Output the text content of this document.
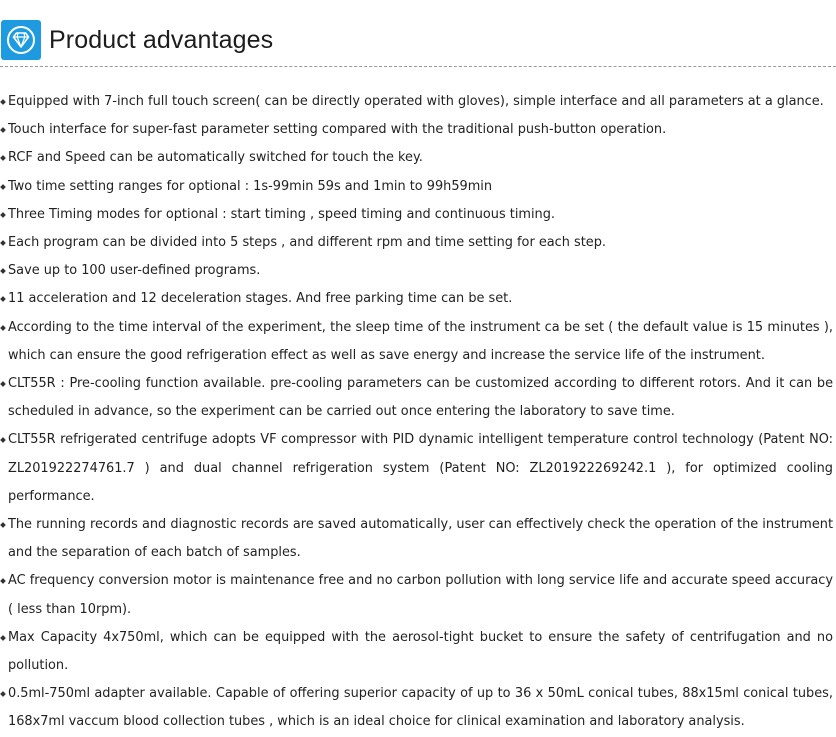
Product advantages
Equipped with 7-inch full touch screen( can be directly operated with gloves), simple interface and all parameters at a glance.
Touch interface for super-fast parameter setting compared with the traditional push-button operation.
RCF and Speed can be automatically switched for touch the key.
Two time setting ranges for optional : 1s-99min 59s and 1min to 99h59min
Three Timing modes for optional : start timing , speed timing and continuous timing.
Each program can be divided into 5 steps , and different rpm and time setting for each step.
Save up to 100 user-defined programs.
11 acceleration and 12 deceleration stages. And free parking time can be set.
According to the time interval of the experiment, the sleep time of the instrument ca be set ( the default value is 15 minutes ), which can ensure the good refrigeration effect as well as save energy and increase the service life of the instrument.
CLT55R : Pre-cooling function available. pre-cooling parameters can be customized according to different rotors. And it can be scheduled in advance, so the experiment can be carried out once entering the laboratory to save time.
CLT55R refrigerated centrifuge adopts VF compressor with PID dynamic intelligent temperature control technology (Patent NO: ZL201922274761.7 ) and dual channel refrigeration system (Patent NO: ZL201922269242.1 ), for optimized cooling performance.
The running records and diagnostic records are saved automatically, user can effectively check the operation of the instrument and the separation of each batch of samples.
AC frequency conversion motor is maintenance free and no carbon pollution with long service life and accurate speed accuracy ( less than 10rpm).
Max Capacity 4x750ml, which can be equipped with the aerosol-tight bucket to ensure the safety of centrifugation and no pollution.
0.5ml-750ml adapter available. Capable of offering superior capacity of up to 36 x 50mL conical tubes, 88x15ml conical tubes, 168x7ml vaccum blood collection tubes , which is an ideal choice for clinical examination and laboratory analysis.
